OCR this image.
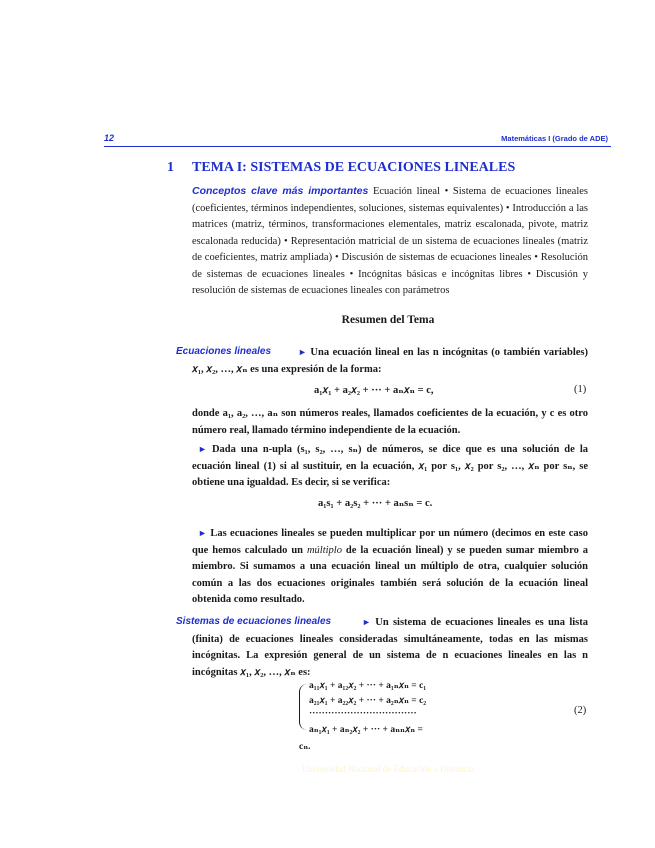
12	Matemáticas I (Grado de ADE)
1 TEMA I: SISTEMAS DE ECUACIONES LINEALES
Conceptos clave más importantes Ecuación lineal • Sistema de ecuaciones lineales (coeficientes, términos independientes, soluciones, sistemas equivalentes) • Introducción a las matrices (matriz, términos, transformaciones elementales, matriz escalonada, pivote, matriz escalonada reducida) • Representación matricial de un sistema de ecuaciones lineales (matriz de coeficientes, matriz ampliada) • Discusión de sistemas de ecuaciones lineales • Resolución de sistemas de ecuaciones lineales • Incógnitas básicas e incógnitas libres • Discusión y resolución de sistemas de ecuaciones lineales con parámetros
Resumen del Tema
Ecuaciones lineales	► Una ecuación lineal en las n incógnitas (o también variables) 𝑥₁, 𝑥₂, …, 𝑥ₙ es una expresión de la forma:
a₁𝑥₁ + a₂𝑥₂ + ··· + aₙ𝑥ₙ = c,	(1)
donde a₁, a₂, …, aₙ son números reales, llamados coeficientes de la ecuación, y c es otro número real, llamado término independiente de la ecuación.
► Dada una n-upla (s₁, s₂, …, sₙ) de números, se dice que es una solución de la ecuación lineal (1) si al sustituir, en la ecuación, 𝑥₁ por s₁, 𝑥₂ por s₂, …, 𝑥ₙ por sₙ, se obtiene una igualdad. Es decir, si se verifica:
a₁s₁ + a₂s₂ + ··· + aₙsₙ = c.
► Las ecuaciones lineales se pueden multiplicar por un número (decimos en este caso que hemos calculado un múltiplo de la ecuación lineal) y se pueden sumar miembro a miembro. Si sumamos a una ecuación lineal un múltiplo de otra, cualquier solución común a las dos ecuaciones originales también será solución de la ecuación lineal obtenida como resultado.
Sistemas de ecuaciones lineales	► Un sistema de ecuaciones lineales es una lista (finita) de ecuaciones lineales consideradas simultáneamente, todas en las mismas incógnitas. La expresión general de un sistema de n ecuaciones lineales en las n incógnitas 𝑥₁, 𝑥₂, …, 𝑥ₙ es:
a₁₁𝑥₁ + a₁₂𝑥₂ + ··· + a₁ₙ𝑥ₙ = c₁
a₂₁𝑥₁ + a₂₂𝑥₂ + ··· + a₂ₙ𝑥ₙ = c₂
··································
aₙ₁𝑥₁ + aₙ₂𝑥₂ + ··· + aₙₙ𝑥ₙ =
cₙ.
(2)
Universidad Nacional de Educación a Distancia
